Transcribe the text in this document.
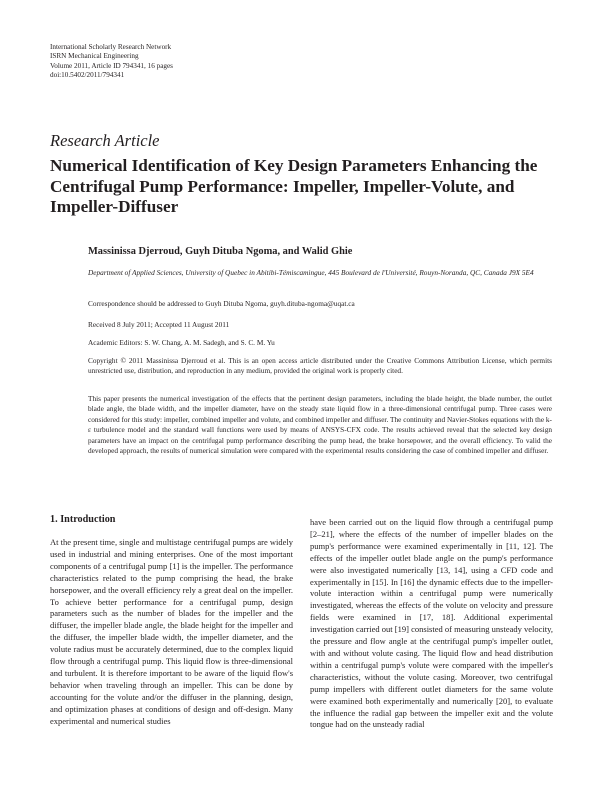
International Scholarly Research Network
ISRN Mechanical Engineering
Volume 2011, Article ID 794341, 16 pages
doi:10.5402/2011/794341
Research Article
Numerical Identification of Key Design Parameters Enhancing the Centrifugal Pump Performance: Impeller, Impeller-Volute, and Impeller-Diffuser
Massinissa Djerroud, Guyh Dituba Ngoma, and Walid Ghie
Department of Applied Sciences, University of Quebec in Abitibi-Témiscamingue, 445 Boulevard de l'Université, Rouyn-Noranda, QC, Canada J9X 5E4
Correspondence should be addressed to Guyh Dituba Ngoma, guyh.dituba-ngoma@uqat.ca
Received 8 July 2011; Accepted 11 August 2011
Academic Editors: S. W. Chang, A. M. Sadegh, and S. C. M. Yu
Copyright © 2011 Massinissa Djerroud et al. This is an open access article distributed under the Creative Commons Attribution License, which permits unrestricted use, distribution, and reproduction in any medium, provided the original work is properly cited.
This paper presents the numerical investigation of the effects that the pertinent design parameters, including the blade height, the blade number, the outlet blade angle, the blade width, and the impeller diameter, have on the steady state liquid flow in a three-dimensional centrifugal pump. Three cases were considered for this study: impeller, combined impeller and volute, and combined impeller and diffuser. The continuity and Navier-Stokes equations with the k-ε turbulence model and the standard wall functions were used by means of ANSYS-CFX code. The results achieved reveal that the selected key design parameters have an impact on the centrifugal pump performance describing the pump head, the brake horsepower, and the overall efficiency. To valid the developed approach, the results of numerical simulation were compared with the experimental results considering the case of combined impeller and diffuser.
1. Introduction

At the present time, single and multistage centrifugal pumps are widely used in industrial and mining enterprises. One of the most important components of a centrifugal pump [1] is the impeller. The performance characteristics related to the pump comprising the head, the brake horsepower, and the overall efficiency rely a great deal on the impeller. To achieve better performance for a centrifugal pump, design parameters such as the number of blades for the impeller and the diffuser, the impeller blade angle, the blade height for the impeller and the diffuser, the impeller blade width, the impeller diameter, and the volute radius must be accurately determined, due to the complex liquid flow through a centrifugal pump. This liquid flow is three-dimensional and turbulent. It is therefore important to be aware of the liquid flow's behavior when traveling through an impeller. This can be done by accounting for the volute and/or the diffuser in the planning, design, and optimization phases at conditions of design and off-design. Many experimental and numerical studies

have been carried out on the liquid flow through a centrifugal pump [2–21], where the effects of the number of impeller blades on the pump's performance were examined experimentally in [11, 12]. The effects of the impeller outlet blade angle on the pump's performance were also investigated numerically [13, 14], using a CFD code and experimentally in [15]. In [16] the dynamic effects due to the impeller-volute interaction within a centrifugal pump were numerically investigated, whereas the effects of the volute on velocity and pressure fields were examined in [17, 18]. Additional experimental investigation carried out [19] consisted of measuring unsteady velocity, the pressure and flow angle at the centrifugal pump's impeller outlet, with and without volute casing. The liquid flow and head distribution within a centrifugal pump's volute were compared with the impeller's characteristics, without the volute casing. Moreover, two centrifugal pump impellers with different outlet diameters for the same volute were examined both experimentally and numerically [20], to evaluate the influence the radial gap between the impeller exit and the volute tongue had on the unsteady radial
